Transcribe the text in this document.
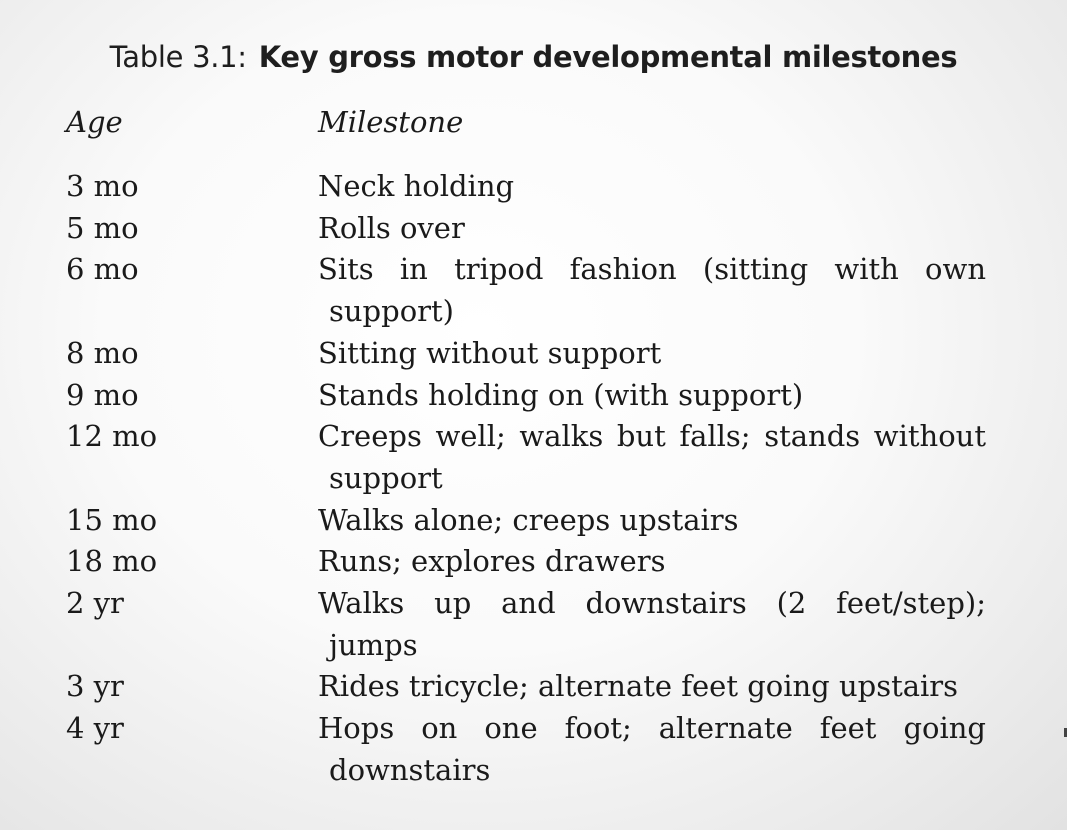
Table 3.1: Key gross motor developmental milestones
Age	Milestone
3 mo	Neck holding
5 mo	Rolls over
6 mo	Sits in tripod fashion (sitting with own
support)
8 mo	Sitting without support
9 mo	Stands holding on (with support)
12 mo	Creeps well; walks but falls; stands without
support
15 mo	Walks alone; creeps upstairs
18 mo	Runs; explores drawers
2 yr	Walks up and downstairs (2 feet/step);
jumps
3 yr	Rides tricycle; alternate feet going upstairs
4 yr	Hops on one foot; alternate feet going
downstairs
